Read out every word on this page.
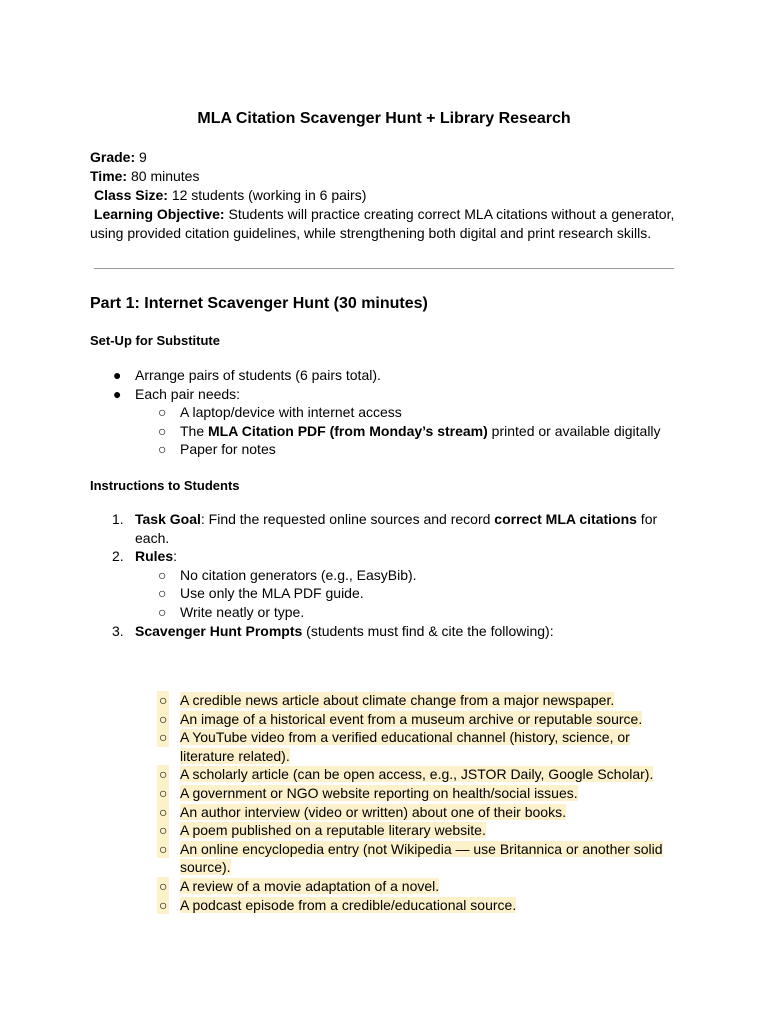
MLA Citation Scavenger Hunt + Library Research

Grade: 9

Time: 80 minutes

Class Size: 12 students (working in 6 pairs)

Learning Objective: Students will practice creating correct MLA citations without a generator, using provided citation guidelines, while strengthening both digital and print research skills.

Part 1: Internet Scavenger Hunt (30 minutes)
Set-Up for Substitute
● Arrange pairs of students (6 pairs total).
● Each pair needs:
○ A laptop/device with internet access
○ The MLA Citation PDF (from Monday’s stream) printed or available digitally
○ Paper for notes
Instructions to Students
1. Task Goal: Find the requested online sources and record correct MLA citations for each.
2. Rules:
○ No citation generators (e.g., EasyBib).
○ Use only the MLA PDF guide.
○ Write neatly or type.
3. Scavenger Hunt Prompts (students must find & cite the following):
○ A credible news article about climate change from a major newspaper.
○ An image of a historical event from a museum archive or reputable source.
○ A YouTube video from a verified educational channel (history, science, or literature related).
○ A scholarly article (can be open access, e.g., JSTOR Daily, Google Scholar).
○ A government or NGO website reporting on health/social issues.
○ An author interview (video or written) about one of their books.
○ A poem published on a reputable literary website.
○ An online encyclopedia entry (not Wikipedia — use Britannica or another solid source).
○ A review of a movie adaptation of a novel.
○ A podcast episode from a credible/educational source.
